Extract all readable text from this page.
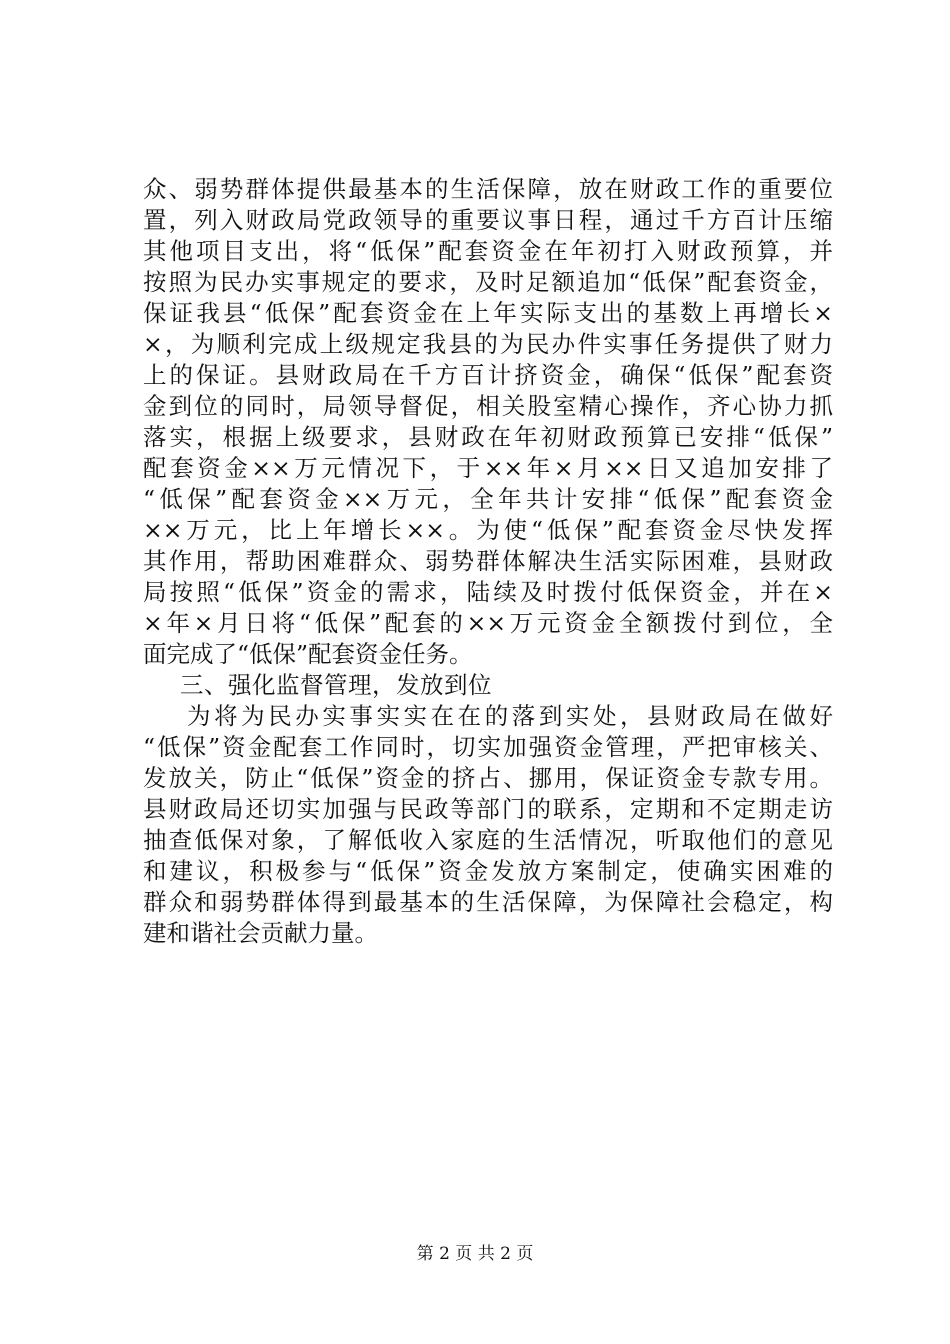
众、弱势群体提供最基本的生活保障，放在财政工作的重要位
置，列入财政局党政领导的重要议事日程，通过千方百计压缩
其他项目支出，将“低保”配套资金在年初打入财政预算，并
按照为民办实事规定的要求，及时足额追加“低保”配套资金，
保证我县“低保”配套资金在上年实际支出的基数上再增长×
×，为顺利完成上级规定我县的为民办件实事任务提供了财力
上的保证。县财政局在千方百计挤资金，确保“低保”配套资
金到位的同时，局领导督促，相关股室精心操作，齐心协力抓
落实，根据上级要求，县财政在年初财政预算已安排“低保”
配套资金××万元情况下，于××年×月××日又追加安排了
“低保”配套资金××万元，全年共计安排“低保”配套资金
××万元，比上年增长××。为使“低保”配套资金尽快发挥
其作用，帮助困难群众、弱势群体解决生活实际困难，县财政
局按照“低保”资金的需求，陆续及时拨付低保资金，并在×
×年×月日将“低保”配套的××万元资金全额拨付到位，全
面完成了“低保”配套资金任务。
三、强化监督管理，发放到位
为将为民办实事实实在在的落到实处，县财政局在做好
“低保”资金配套工作同时，切实加强资金管理，严把审核关、
发放关，防止“低保”资金的挤占、挪用，保证资金专款专用。
县财政局还切实加强与民政等部门的联系，定期和不定期走访
抽查低保对象，了解低收入家庭的生活情况，听取他们的意见
和建议，积极参与“低保”资金发放方案制定，使确实困难的
群众和弱势群体得到最基本的生活保障，为保障社会稳定，构
建和谐社会贡献力量。
第 2 页 共 2 页
